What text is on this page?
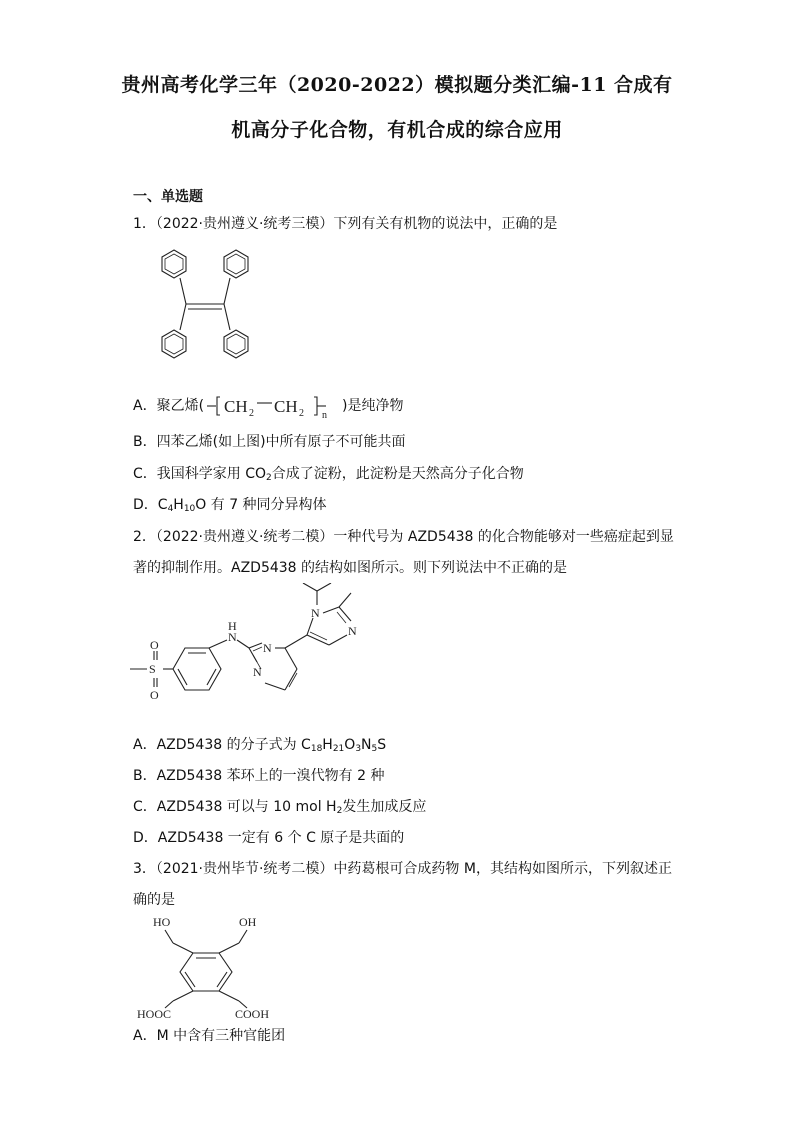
贵州高考化学三年（2020-2022）模拟题分类汇编-11 合成有
机高分子化合物，有机合成的综合应用
一、单选题
1．（2022·贵州遵义·统考三模）下列有关有机物的说法中，正确的是
A．聚乙烯( CH 2 CH 2 n
)是纯净物
B．四苯乙烯(如上图)中所有原子不可能共面
C．我国科学家用 $CO_2$合成了淀粉，此淀粉是天然高分子化合物
D．$C_4H_{10}O$ 有 7 种同分异构体
2．（2022·贵州遵义·统考二模）一种代号为 AZD5438 的化合物能够对一些癌症起到显
著的抑制作用。AZD5438 的结构如图所示。则下列说法中不正确的是
S
O
O
N
H
N
N
N
N
A．AZD5438 的分子式为 $C_{18}H_{21}O_3N_5S$
B．AZD5438 苯环上的一溴代物有 2 种
C．AZD5438 可以与 10 mol $H_2$发生加成反应
D．AZD5438 一定有 6 个 C 原子是共面的
3．（2021·贵州毕节·统考二模）中药葛根可合成药物 M，其结构如图所示，下列叙述正
确的是
HO	OH
HOOC	COOH
A．M 中含有三种官能团
